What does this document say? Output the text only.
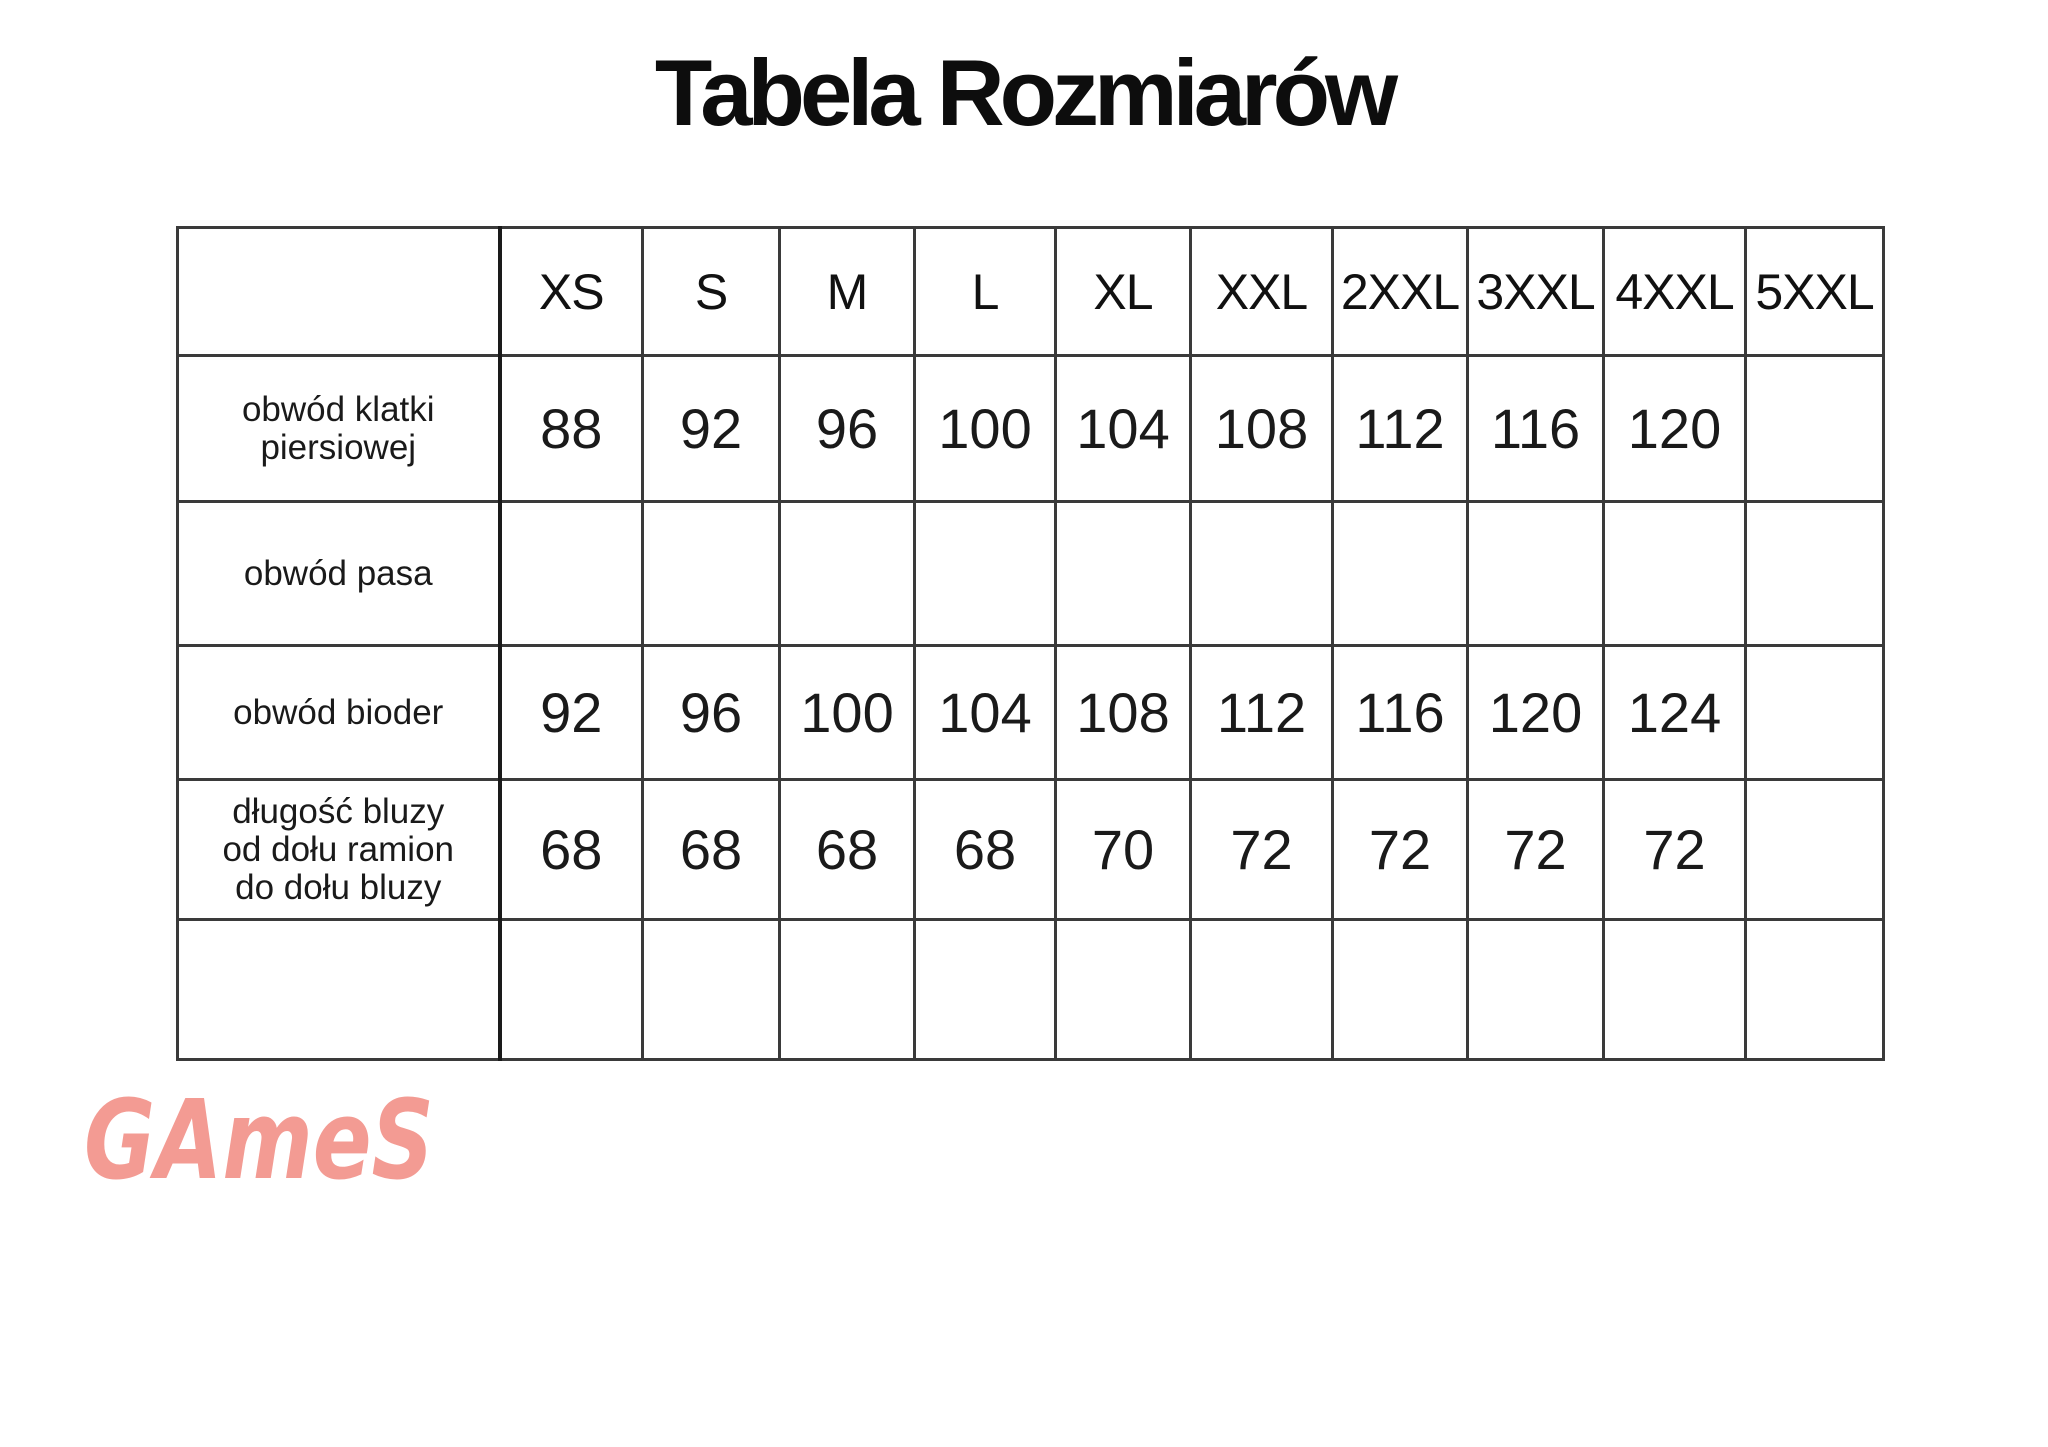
Tabela Rozmiarów
	XS	S	M	L	XL	XXL	2XXL	3XXL	4XXL	5XXL
obwód klatki
piersiowej	88	92	96	100	104	108	112	116	120	
obwód pasa										
obwód bioder	92	96	100	104	108	112	116	120	124	
długość bluzy
od dołu ramion
do dołu bluzy	68	68	68	68	70	72	72	72	72	

GAmeS
